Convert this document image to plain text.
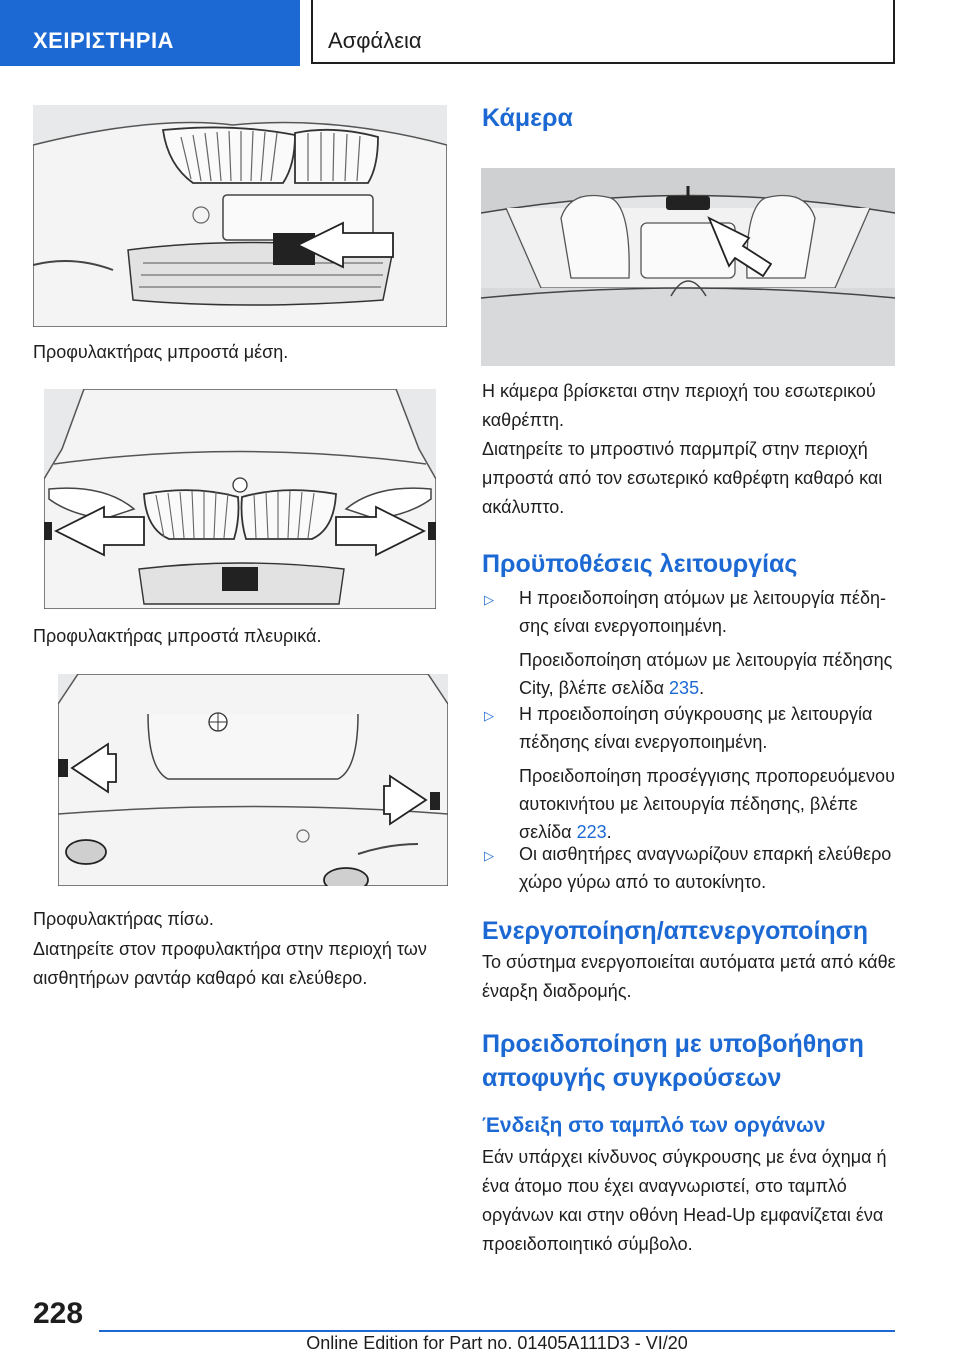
ΧΕΙΡΙΣΤΗΡΙΑ	Ασφάλεια

Προφυλακτήρας μπροστά μέση.

Προφυλακτήρας μπροστά πλευρικά.

Προφυλακτήρας πίσω.

Διατηρείτε στον προφυλακτήρα στην περιοχή των αισθητήρων ραντάρ καθαρό και ελεύθερο.

Κάμερα

Η κάμερα βρίσκεται στην περιοχή του εσωτερικού καθρέπτη.

Διατηρείτε το μπροστινό παρμπρίζ στην περιοχή μπροστά από τον εσωτερικό καθρέφτη καθαρό και ακάλυπτο.

Προϋποθέσεις λειτουργίας
▷ Η προειδοποίηση ατόμων με λειτουργία πέδησης είναι ενεργοποιημένη.
Προειδοποίηση ατόμων με λειτουργία πέδησης City, βλέπε σελίδα 235.
▷ Η προειδοποίηση σύγκρουσης με λειτουργία πέδησης είναι ενεργοποιημένη.
Προειδοποίηση προσέγγισης προπορευόμενου αυτοκινήτου με λειτουργία πέδησης, βλέπε σελίδα 223.
▷ Οι αισθητήρες αναγνωρίζουν επαρκή ελεύθερο χώρο γύρω από το αυτοκίνητο.
Ενεργοποίηση/απενεργοποίηση

Το σύστημα ενεργοποιείται αυτόματα μετά από κάθε έναρξη διαδρομής.

Προειδοποίηση με υποβοήθηση
αποφυγής συγκρούσεων
Ένδειξη στο ταμπλό των οργάνων

Εάν υπάρχει κίνδυνος σύγκρουσης με ένα όχημα ή ένα άτομο που έχει αναγνωριστεί, στο ταμπλό οργάνων και στην οθόνη Head-Up εμφανίζεται ένα προειδοποιητικό σύμβολο.

228
Online Edition for Part no. 01405A111D3 - VI/20
